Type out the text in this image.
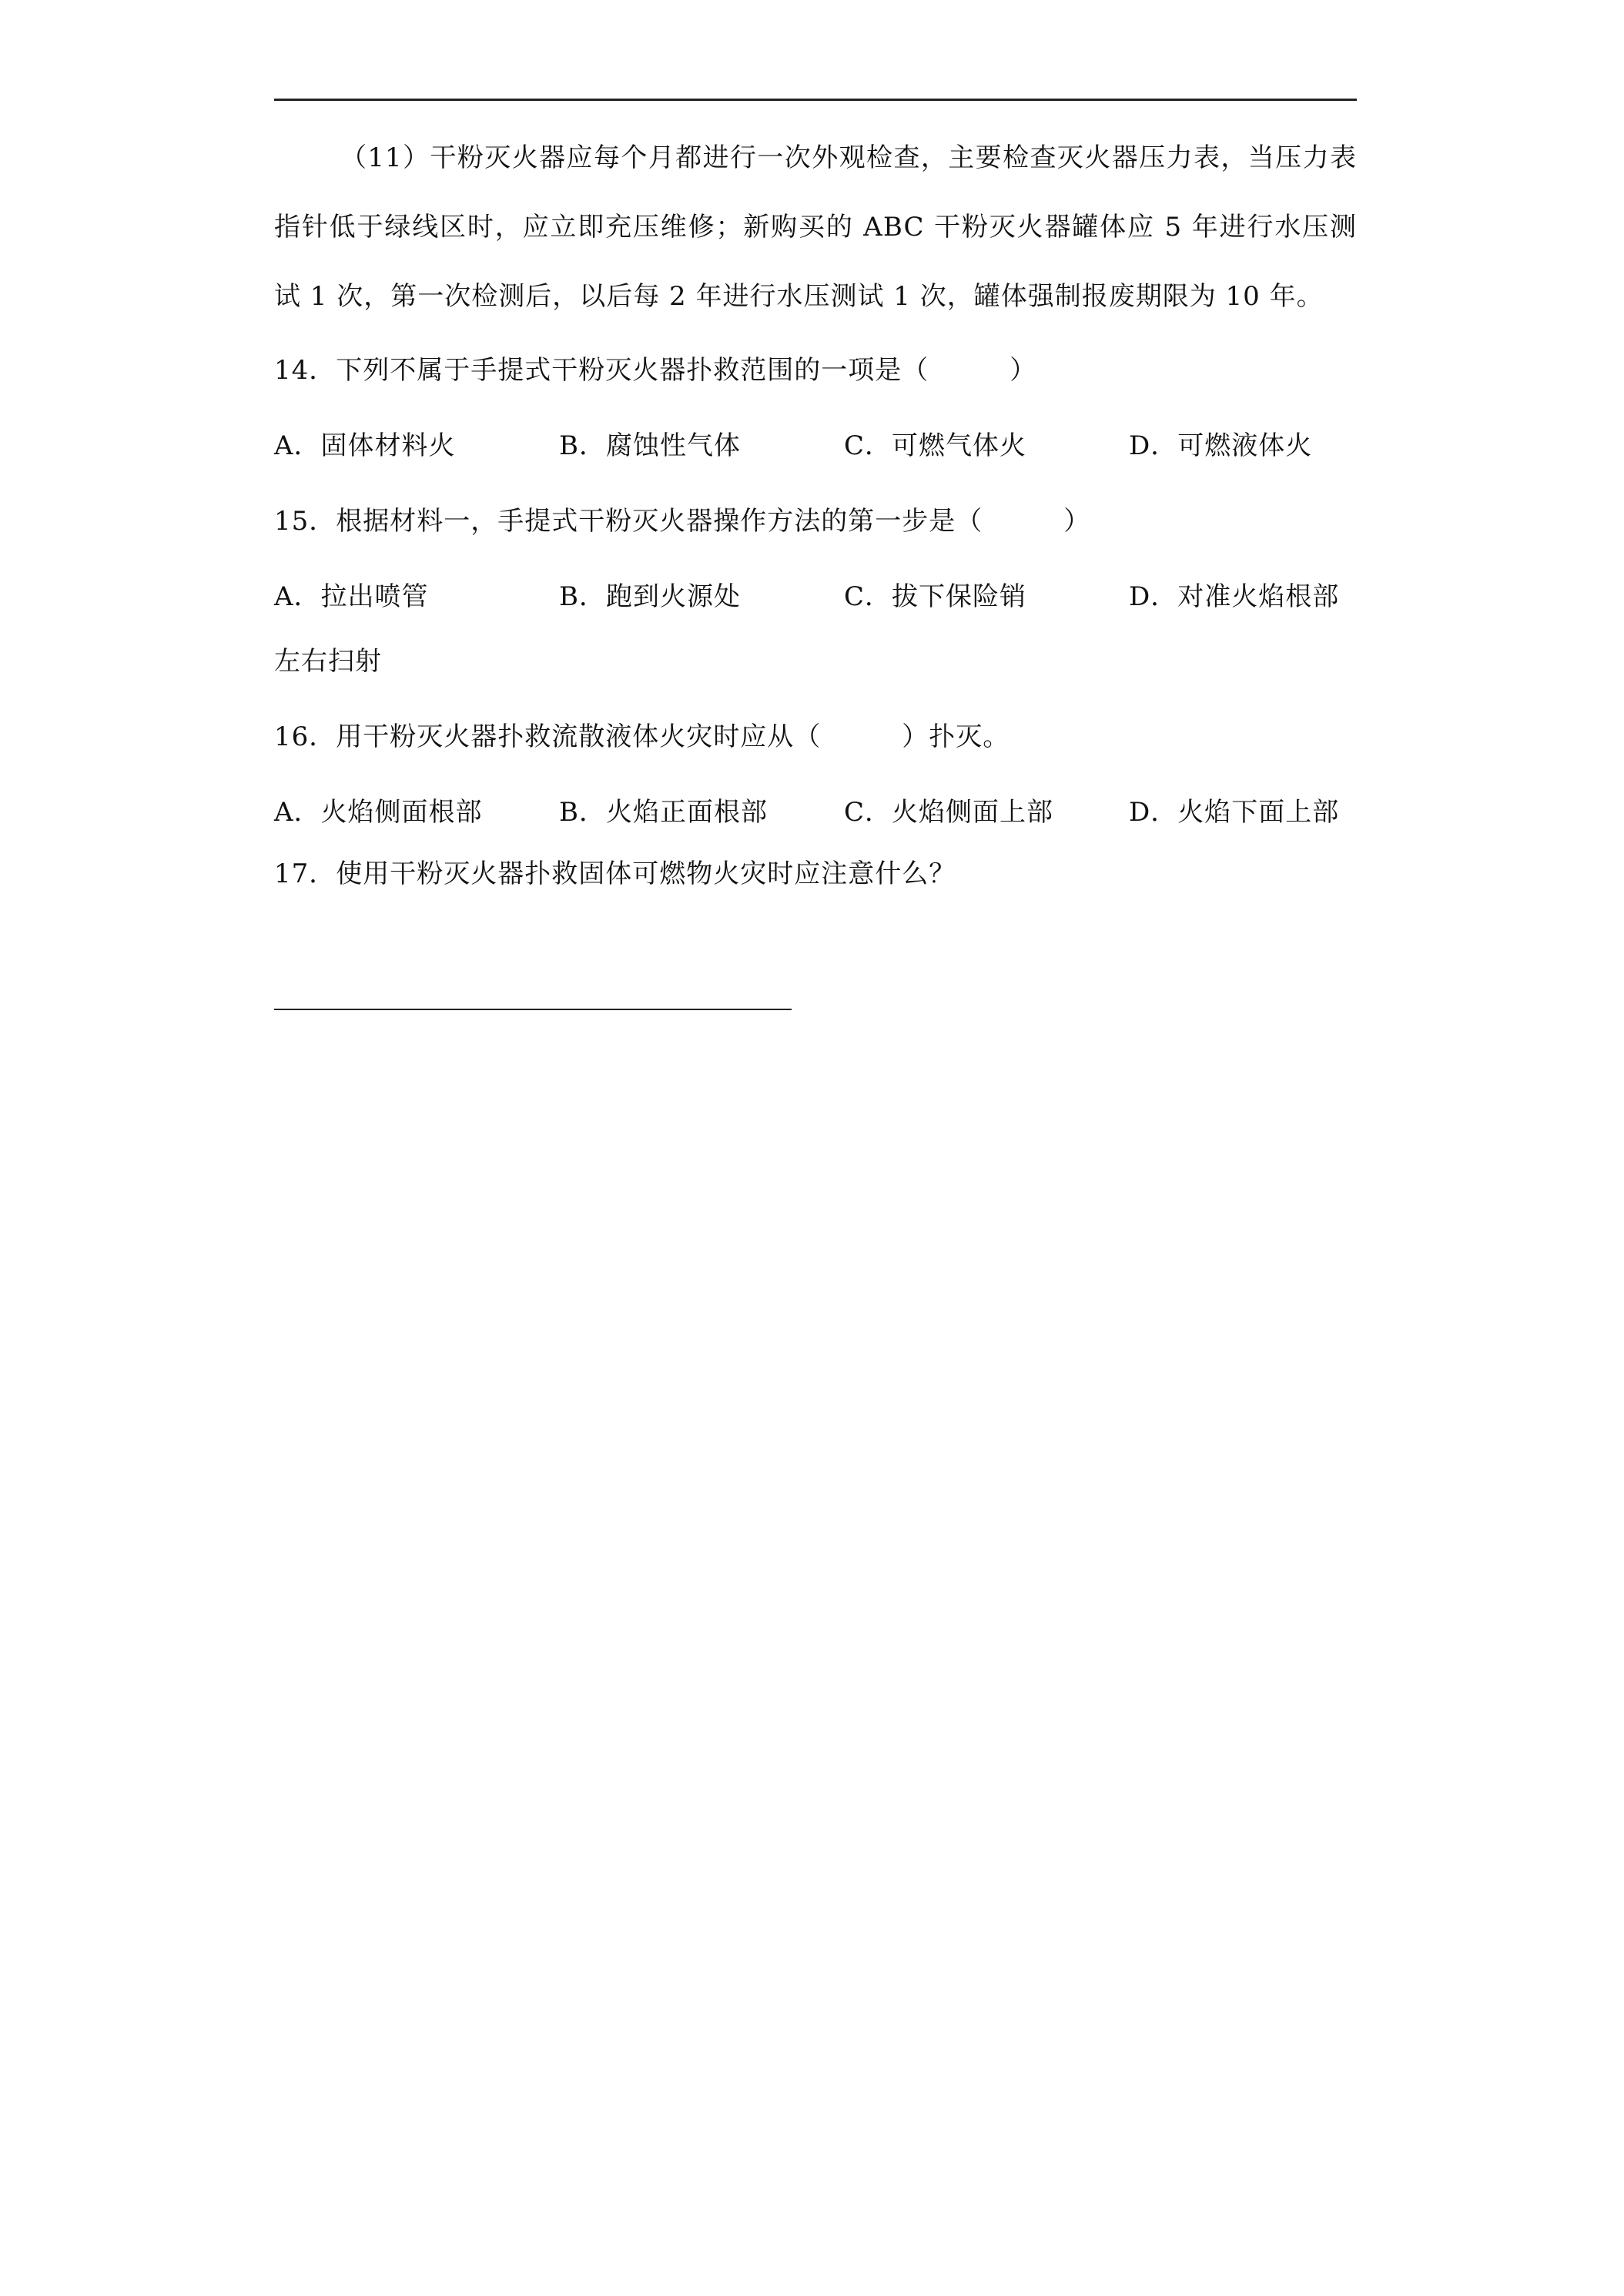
（11）干粉灭火器应每个月都进行一次外观检查，主要检查灭火器压力表，当压力表指针低于绿线区时，应立即充压维修；新购买的 ABC 干粉灭火器罐体应 5 年进行水压测试 1 次，第一次检测后，以后每 2 年进行水压测试 1 次，罐体强制报废期限为 10 年。

14．下列不属于手提式干粉灭火器扑救范围的一项是（　　　）
A．固体材料火	B．腐蚀性气体	C．可燃气体火	D．可燃液体火
15．根据材料一，手提式干粉灭火器操作方法的第一步是（　　　）
A．拉出喷管	B．跑到火源处	C．拔下保险销	D．对准火焰根部
左右扫射
16．用干粉灭火器扑救流散液体火灾时应从（　　　）扑灭。
A．火焰侧面根部	B．火焰正面根部	C．火焰侧面上部	D．火焰下面上部
17．使用干粉灭火器扑救固体可燃物火灾时应注意什么？
